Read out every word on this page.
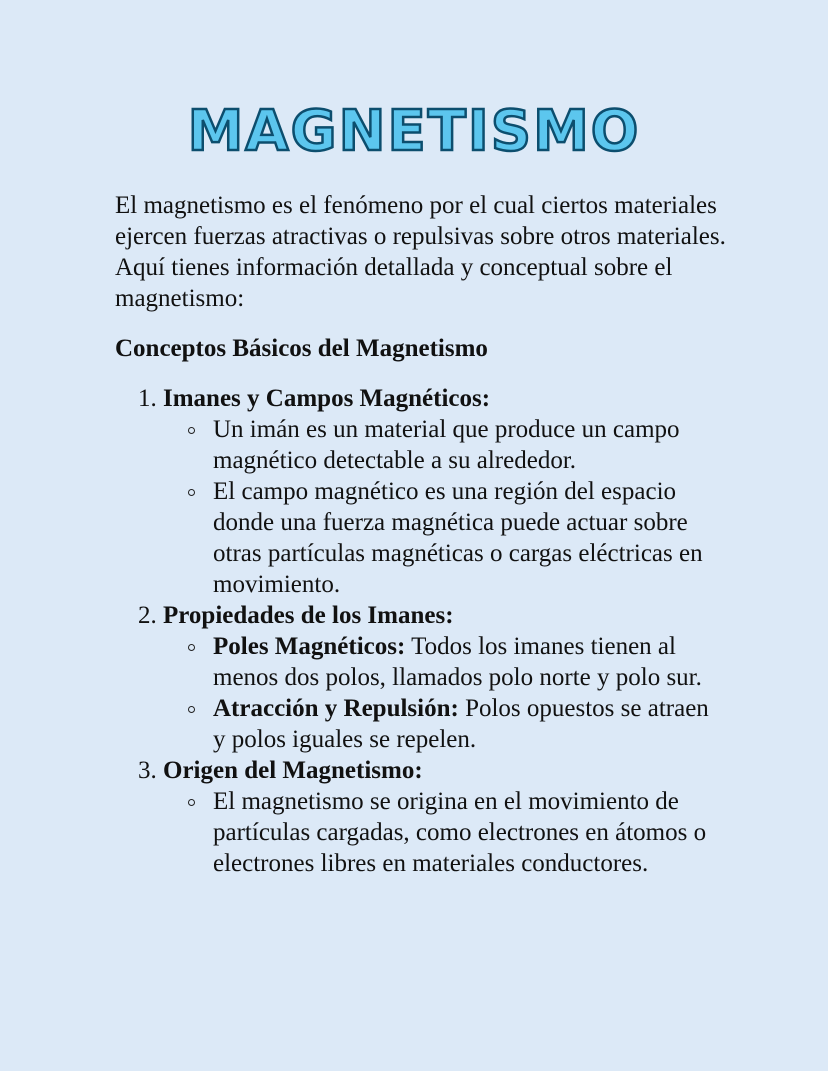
MAGNETISMO

El magnetismo es el fenómeno por el cual ciertos materiales ejercen fuerzas atractivas o repulsivas sobre otros materiales. Aquí tienes información detallada y conceptual sobre el magnetismo:

Conceptos Básicos del Magnetismo

1. Imanes y Campos Magnéticos:
Un imán es un material que produce un campo magnético detectable a su alrededor.
El campo magnético es una región del espacio donde una fuerza magnética puede actuar sobre otras partículas magnéticas o cargas eléctricas en movimiento.
2. Propiedades de los Imanes:
Poles Magnéticos: Todos los imanes tienen al menos dos polos, llamados polo norte y polo sur.
Atracción y Repulsión: Polos opuestos se atraen y polos iguales se repelen.
3. Origen del Magnetismo:
El magnetismo se origina en el movimiento de partículas cargadas, como electrones en átomos o electrones libres en materiales conductores.
